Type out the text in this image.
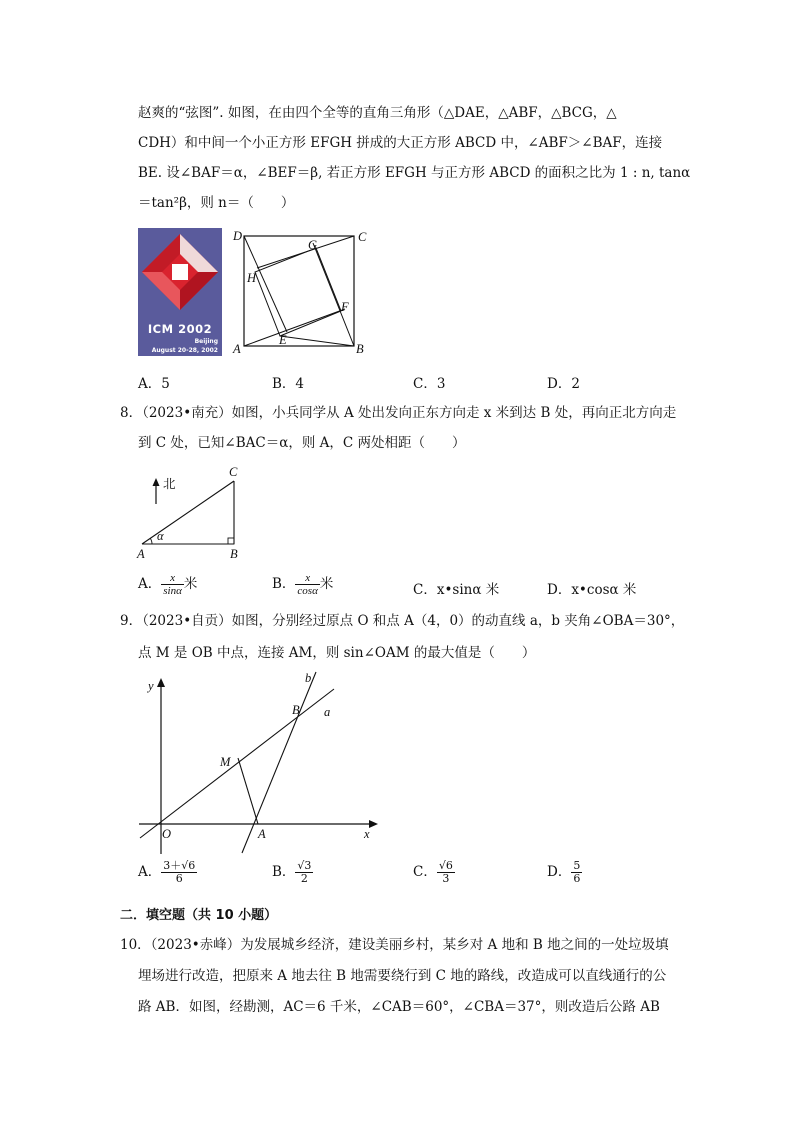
赵爽的“弦图”. 如图，在由四个全等的直角三角形（△DAE，△ABF，△BCG，△
CDH）和中间一个小正方形 EFGH 拼成的大正方形 ABCD 中，∠ABF＞∠BAF，连接
BE. 设∠BAF＝α，∠BEF＝β, 若正方形 EFGH 与正方形 ABCD 的面积之比为 1 : n, tanα
＝tan²β，则 n＝（　　）
ICM 2002
Beijing
August 20-28, 2002
D	C
A	B
G
H
F
E
A．5	B．4	C．3	D．2
8．（2023•南充）如图，小兵同学从 A 处出发向正东方向走 x 米到达 B 处，再向正北方向走
到 C 处，已知∠BAC＝α，则 A，C 两处相距（　　）
北
α
A	B
C
A． $\frac{x}{\sin\alpha}$ 米	B． $\frac{x}{\cos\alpha}$ 米	C．x•sinα 米	D．x•cosα 米
9．（2023•自贡）如图，分别经过原点 O 和点 A（4，0）的动直线 a，b 夹角∠OBA＝30°，
点 M 是 OB 中点，连接 AM，则 sin∠OAM 的最大值是（　　）
y
x
O	A
B
M
a
b
A． $\frac{3+√6}{6}$	B． $\frac{√3}{2}$	C． $\frac{√6}{3}$	D． $\frac{5}{6}$
二．填空题（共 10 小题）
10．（2023•赤峰）为发展城乡经济，建设美丽乡村，某乡对 A 地和 B 地之间的一处垃圾填
埋场进行改造，把原来 A 地去往 B 地需要绕行到 C 地的路线，改造成可以直线通行的公
路 AB．如图，经勘测，AC＝6 千米，∠CAB＝60°，∠CBA＝37°，则改造后公路 AB
